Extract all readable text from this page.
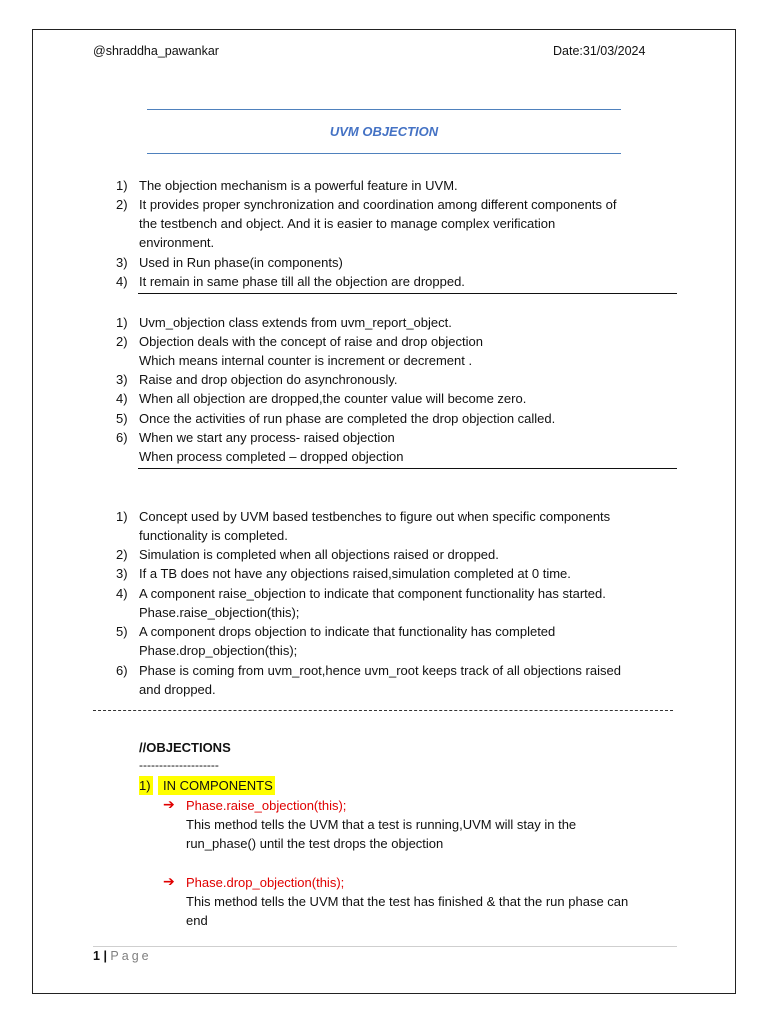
@shraddha_pawankar	Date:31/03/2024
UVM OBJECTION
1) The objection mechanism is a powerful feature in UVM.
2) It provides proper synchronization and coordination among different components of
the testbench and object. And it is easier to manage complex verification
environment.
3) Used in Run phase(in components)
4) It remain in same phase till all the objection are dropped.
1) Uvm_objection class extends from uvm_report_object.
2) Objection deals with the concept of raise and drop objection
Which means internal counter is increment or decrement .
3) Raise and drop objection do asynchronously.
4) When all objection are dropped,the counter value will become zero.
5) Once the activities of run phase are completed the drop objection called.
6) When we start any process- raised objection
When process completed – dropped objection
1) Concept used by UVM based testbenches to figure out when specific components
functionality is completed.
2) Simulation is completed when all objections raised or dropped.
3) If a TB does not have any objections raised,simulation completed at 0 time.
4) A component raise_objection to indicate that component functionality has started.
Phase.raise_objection(this);
5) A component drops objection to indicate that functionality has completed
Phase.drop_objection(this);
6) Phase is coming from uvm_root,hence uvm_root keeps track of all objections raised
and dropped.
//OBJECTIONS
--------------------
1) IN COMPONENTS
➔ Phase.raise_objection(this);
This method tells the UVM that a test is running,UVM will stay in the
run_phase() until the test drops the objection
➔ Phase.drop_objection(this);
This method tells the UVM that the test has finished & that the run phase can
end
1 | Page
